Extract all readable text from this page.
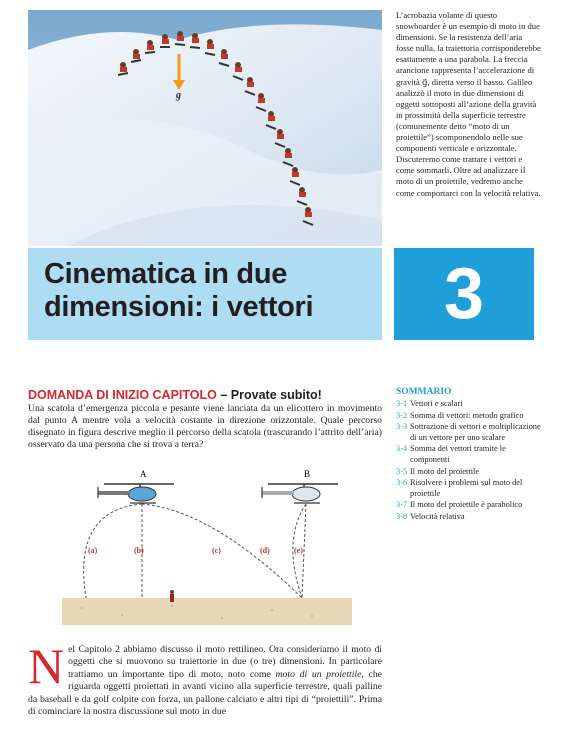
g⃗
L’acrobazia volante di questo snowboarder è un esempio di moto in due dimensioni. Se la resistenza dell’aria fosse nulla, la traiettoria corrisponderebbe esattamente a una parabola. La freccia arancione rappresenta l’accelerazione di gravità g⃗, diretta verso il basso. Galileo analizzò il moto in due dimensioni di oggetti sottoposti all’azione della gravità in prossimità della superficie terrestre (comunemente detto “moto di un proiettile”) scomponendolo nelle sue componenti verticale e orizzontale. Discuteremo come trattare i vettori e come sommarli. Oltre ad analizzare il moto di un proiettile, vedremo anche come comportarci con la velocità relativa.
Cinematica in due
dimensioni: i vettori	3
DOMANDA DI INIZIO CAPITOLO – Provate subito!
Una scatola d’emergenza piccola e pesante viene lanciata da un elicottero in movimento dal punto A mentre vola a velocità costante in direzione orizzontale. Quale percorso disegnato in figura descrive meglio il percorso della scatola (trascurando l’attrito dell’aria) osservato da una persona che si trova a terra?
A	B
(a)	(b)	(c)	(d)	(e)
SOMMARIO
3-1 Vettori e scalari
3-2 Somma di vettori: metodo grafico
3-3 Sottrazione di vettori e moltiplicazione di un vettore per uno scalare
3-4 Somma dei vettori tramite le componenti
3-5 Il moto del proiettile
3-6 Risolvere i problemi sul moto del proiettile
3-7 Il moto del proiettile è parabolico
3-8 Velocità relativa
Nel Capitolo 2 abbiamo discusso il moto rettilineo. Ora consideriamo il moto di oggetti che si muovono su traiettorie in due (o tre) dimensioni. In particolare trattiamo un importante tipo di moto, noto come moto di un proiettile, che riguarda oggetti proiettati in avanti vicino alla superficie terrestre, quali palline da baseball e da golf colpite con forza, un pallone calciato e altri tipi di “proiettili”. Prima di cominciare la nostra discussione sul moto in due
